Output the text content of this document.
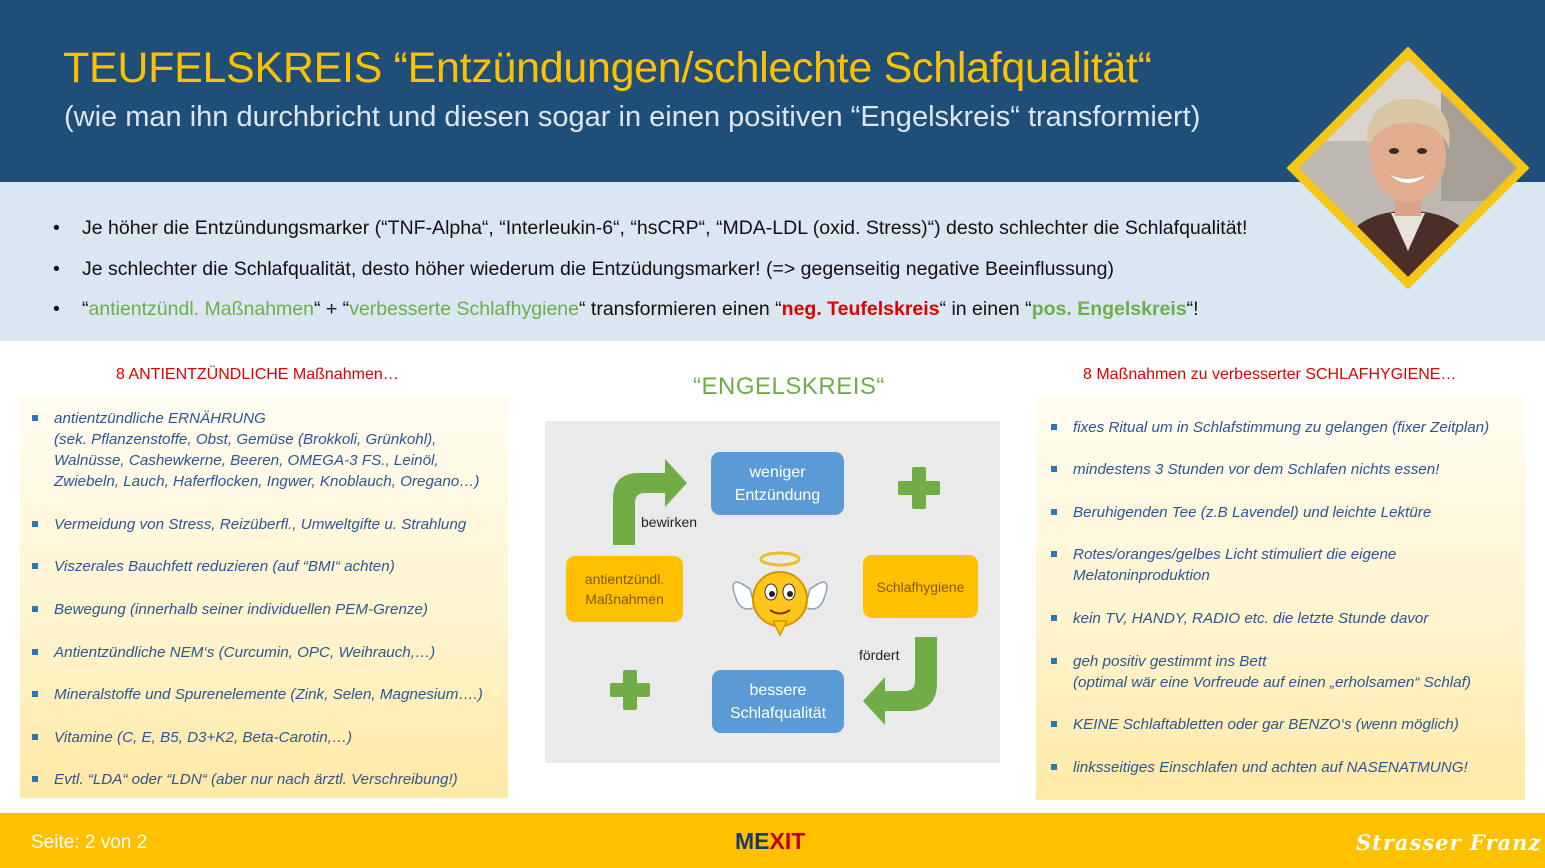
TEUFELSKREIS “Entzündungen/schlechte Schlafqualität“
(wie man ihn durchbricht und diesen sogar in einen positiven “Engelskreis“ transformiert)
• Je höher die Entzündungsmarker (“TNF-Alpha“, “Interleukin-6“, “hsCRP“, “MDA-LDL (oxid. Stress)“) desto schlechter die Schlafqualität!
• Je schlechter die Schlafqualität, desto höher wiederum die Entzüdungsmarker! (=> gegenseitig negative Beeinflussung)
• “antientzündl. Maßnahmen“ + “verbesserte Schlafhygiene“ transformieren einen “neg. Teufelskreis“ in einen “pos. Engelskreis“!
8 ANTIENTZÜNDLICHE Maßnahmen…	“ENGELSKREIS“	8 Maßnahmen zu verbesserter SCHLAFHYGIENE…
antientzündliche ERNÄHRUNG
(sek. Pflanzenstoffe, Obst, Gemüse (Brokkoli, Grünkohl),
Walnüsse, Cashewkerne, Beeren, OMEGA-3 FS., Leinöl,
Zwiebeln, Lauch, Haferflocken, Ingwer, Knoblauch, Oregano…)
Vermeidung von Stress, Reizüberfl., Umweltgifte u. Strahlung
Viszerales Bauchfett reduzieren (auf “BMI“ achten)
Bewegung (innerhalb seiner individuellen PEM-Grenze)
Antientzündliche NEM‘s (Curcumin, OPC, Weihrauch,…)
Mineralstoffe und Spurenelemente (Zink, Selen, Magnesium….)
Vitamine (C, E, B5, D3+K2, Beta-Carotin,…)
Evtl. “LDA“ oder “LDN“ (aber nur nach ärztl. Verschreibung!)
weniger
Entzündung
bessere
Schlafqualität
antientzündl.
Maßnahmen
Schlafhygiene
bewirken
fördert
fixes Ritual um in Schlafstimmung zu gelangen (fixer Zeitplan)
mindestens 3 Stunden vor dem Schlafen nichts essen!
Beruhigenden Tee (z.B Lavendel) und leichte Lektüre
Rotes/oranges/gelbes Licht stimuliert die eigene
Melatoninproduktion
kein TV, HANDY, RADIO etc. die letzte Stunde davor
geh positiv gestimmt ins Bett
(optimal wär eine Vorfreude auf einen „erholsamen“ Schlaf)
KEINE Schlaftabletten oder gar BENZO‘s (wenn möglich)
linksseitiges Einschlafen und achten auf NASENATMUNG!
Seite: 2 von 2	MEXIT	Strasser Franz
